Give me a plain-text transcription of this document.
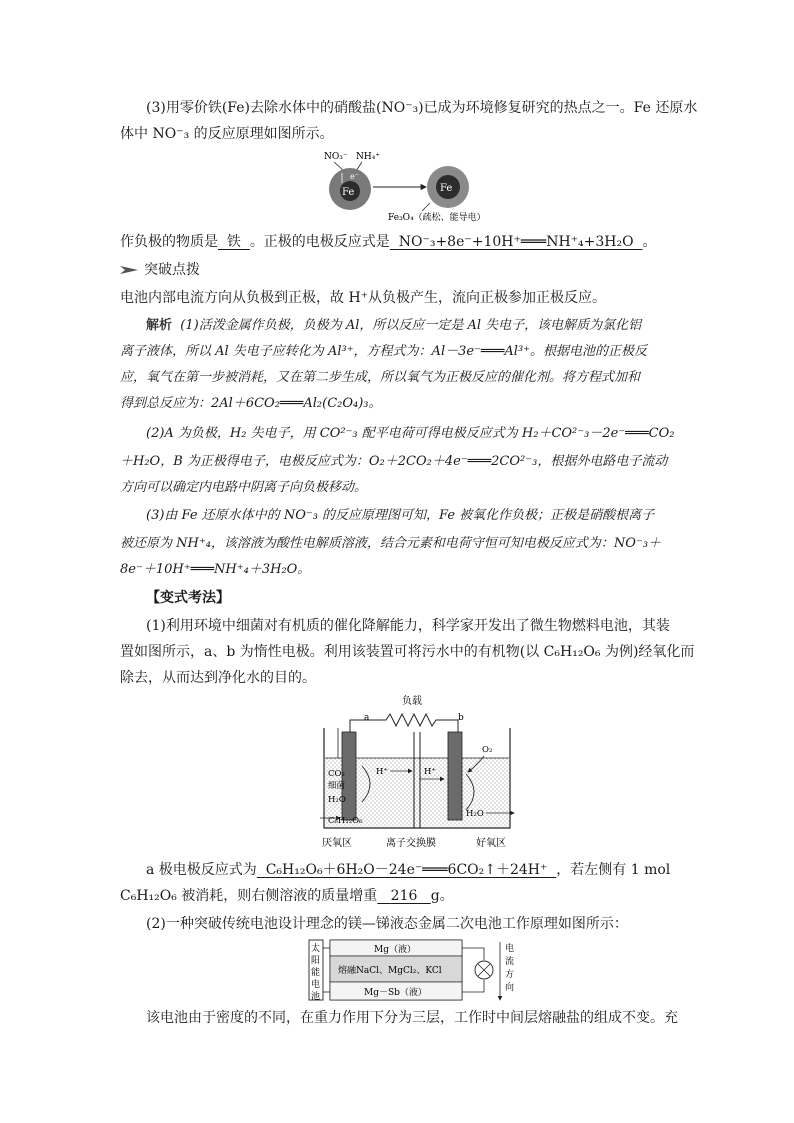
(3)用零价铁(Fe)去除水体中的硝酸盐(NO⁻₃)已成为环境修复研究的热点之一。Fe 还原水
体中 NO⁻₃ 的反应原理如图所示。
NO₃⁻ NH₄⁺
Fe
e⁻
Fe
Fe₃O₄（疏松、能导电）
作负极的物质是 铁 。正极的电极反应式是 NO⁻₃+8e⁻+10H⁺═══NH⁺₄+3H₂O 。
突破点拨
电池内部电流方向从负极到正极，故 H⁺从负极产生，流向正极参加正极反应。
解析 (1)活泼金属作负极，负极为 Al，所以反应一定是 Al 失电子，该电解质为氯化铝
离子液体，所以 Al 失电子应转化为 Al³⁺，方程式为：Al－3e⁻═══Al³⁺。根据电池的正极反
应，氧气在第一步被消耗，又在第二步生成，所以氧气为正极反应的催化剂。将方程式加和
得到总反应为：2Al＋6CO₂═══Al₂(C₂O₄)₃。
(2)A 为负极，H₂ 失电子，用 CO²⁻₃ 配平电荷可得电极反应式为 H₂＋CO²⁻₃－2e⁻═══CO₂
＋H₂O，B 为正极得电子，电极反应式为：O₂＋2CO₂＋4e⁻═══2CO²⁻₃，根据外电路电子流动
方向可以确定内电路中阴离子向负极移动。
(3)由 Fe 还原水体中的 NO⁻₃ 的反应原理图可知，Fe 被氧化作负极；正极是硝酸根离子
被还原为 NH⁺₄，该溶液为酸性电解质溶液，结合元素和电荷守恒可知电极反应式为：NO⁻₃＋
8e⁻＋10H⁺═══NH⁺₄＋3H₂O。
【变式考法】
(1)利用环境中细菌对有机质的催化降解能力，科学家开发出了微生物燃料电池，其装
置如图所示，a、b 为惰性电极。利用该装置可将污水中的有机物(以 C₆H₁₂O₆ 为例)经氧化而
除去，从而达到净化水的目的。
负载
a	b
CO₂
细菌
H₂O
C₆H₁₂O₆
H⁺	H⁺
O₂
H₂O
厌氧区	离子交换膜	好氧区
a 极电极反应式为 C₆H₁₂O₆＋6H₂O－24e⁻═══6CO₂↑＋24H⁺ ，若左侧有 1 mol
C₆H₁₂O₆ 被消耗，则右侧溶液的质量增重 216 g。
(2)一种突破传统电池设计理念的镁—锑液态金属二次电池工作原理如图所示：
太
阳
能
电
池
Mg（液）
熔融NaCl、MgCl₂、KCl
Mg－Sb（液）
电
流
方
向
该电池由于密度的不同，在重力作用下分为三层，工作时中间层熔融盐的组成不变。充
